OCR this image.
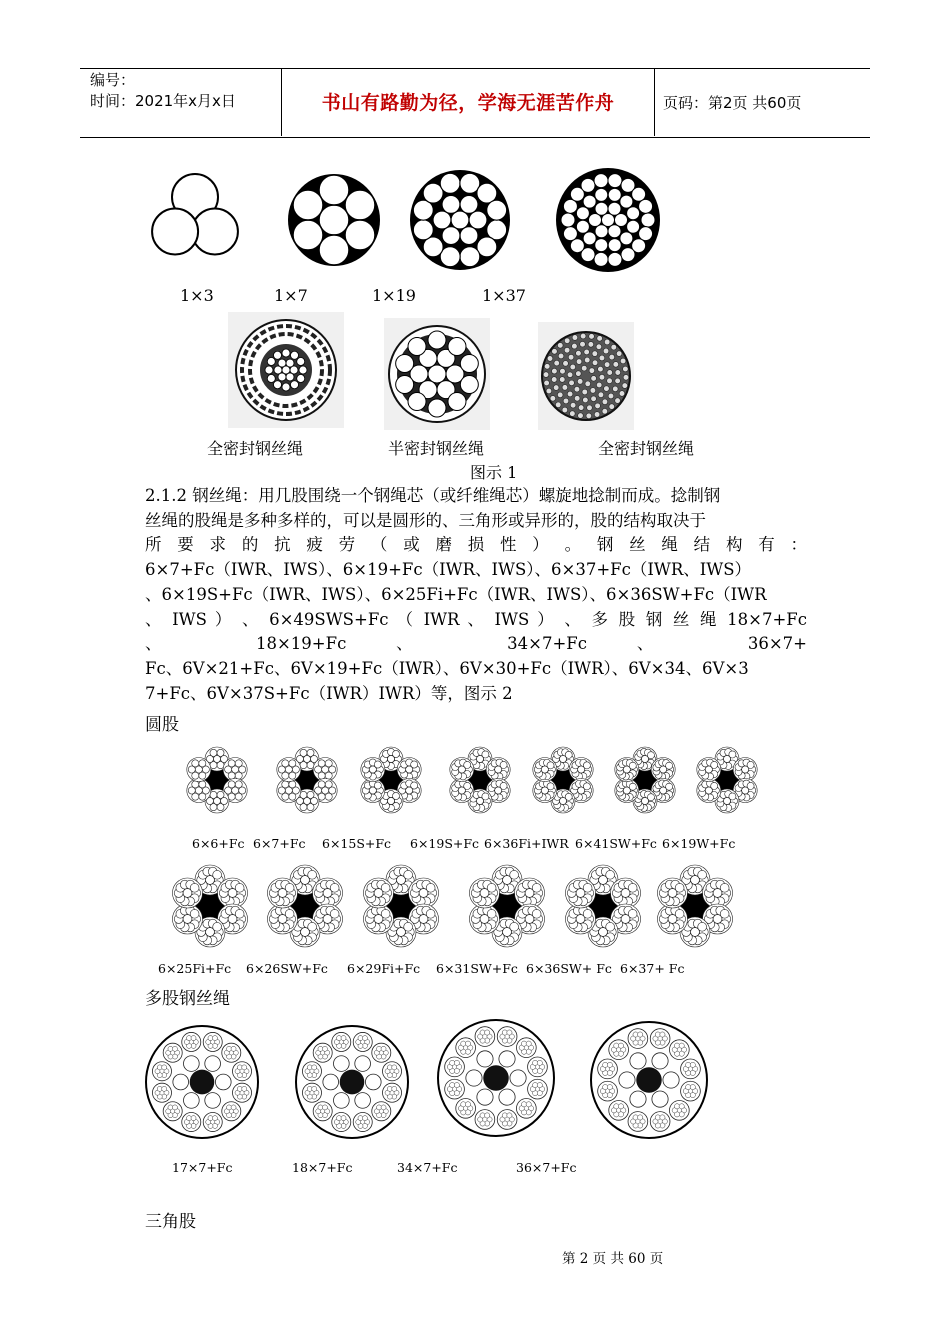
编号：
时间：2021年x月x日	书山有路勤为径，学海无涯苦作舟	页码：第2页 共60页
1×3	1×7	1×19	1×37
全密封钢丝绳	半密封钢丝绳	全密封钢丝绳
图示 1

2.1.2 钢丝绳：用几股围绕一个钢绳芯（或纤维绳芯）螺旋地捻制而成。捻制钢

丝绳的股绳是多种多样的，可以是圆形的、三角形或异形的，股的结构取决于

所 要 求 的 抗 疲 劳 （ 或 磨 损 性 ） 。 钢 丝 绳 结 构 有 ：

6×7+Fc（IWR、IWS）、6×19+Fc（IWR、IWS）、6×37+Fc（IWR、IWS）

、6×19S+Fc（IWR、IWS）、6×25Fi+Fc（IWR、IWS）、6×36SW+Fc（IWR

、 IWS ） 、 6×49SWS+Fc （ IWR 、 IWS ） 、 多 股 钢 丝 绳 18×7+Fc

、 18×19+Fc 、 34×7+Fc 、 36×7+

Fc、6V×21+Fc、6V×19+Fc（IWR）、6V×30+Fc（IWR）、6V×34、6V×3

7+Fc、6V×37S+Fc（IWR）IWR）等，图示 2

圆股
6×6+Fc 6×7+Fc 6×15S+Fc 6×19S+Fc 6×36Fi+IWR 6×41SW+Fc 6×19W+Fc
6×25Fi+Fc 6×26SW+Fc 6×29Fi+Fc 6×31SW+Fc 6×36SW+ Fc 6×37+ Fc
多股钢丝绳
17×7+Fc	18×7+Fc	34×7+Fc	36×7+Fc
三角股
第 2 页 共 60 页
